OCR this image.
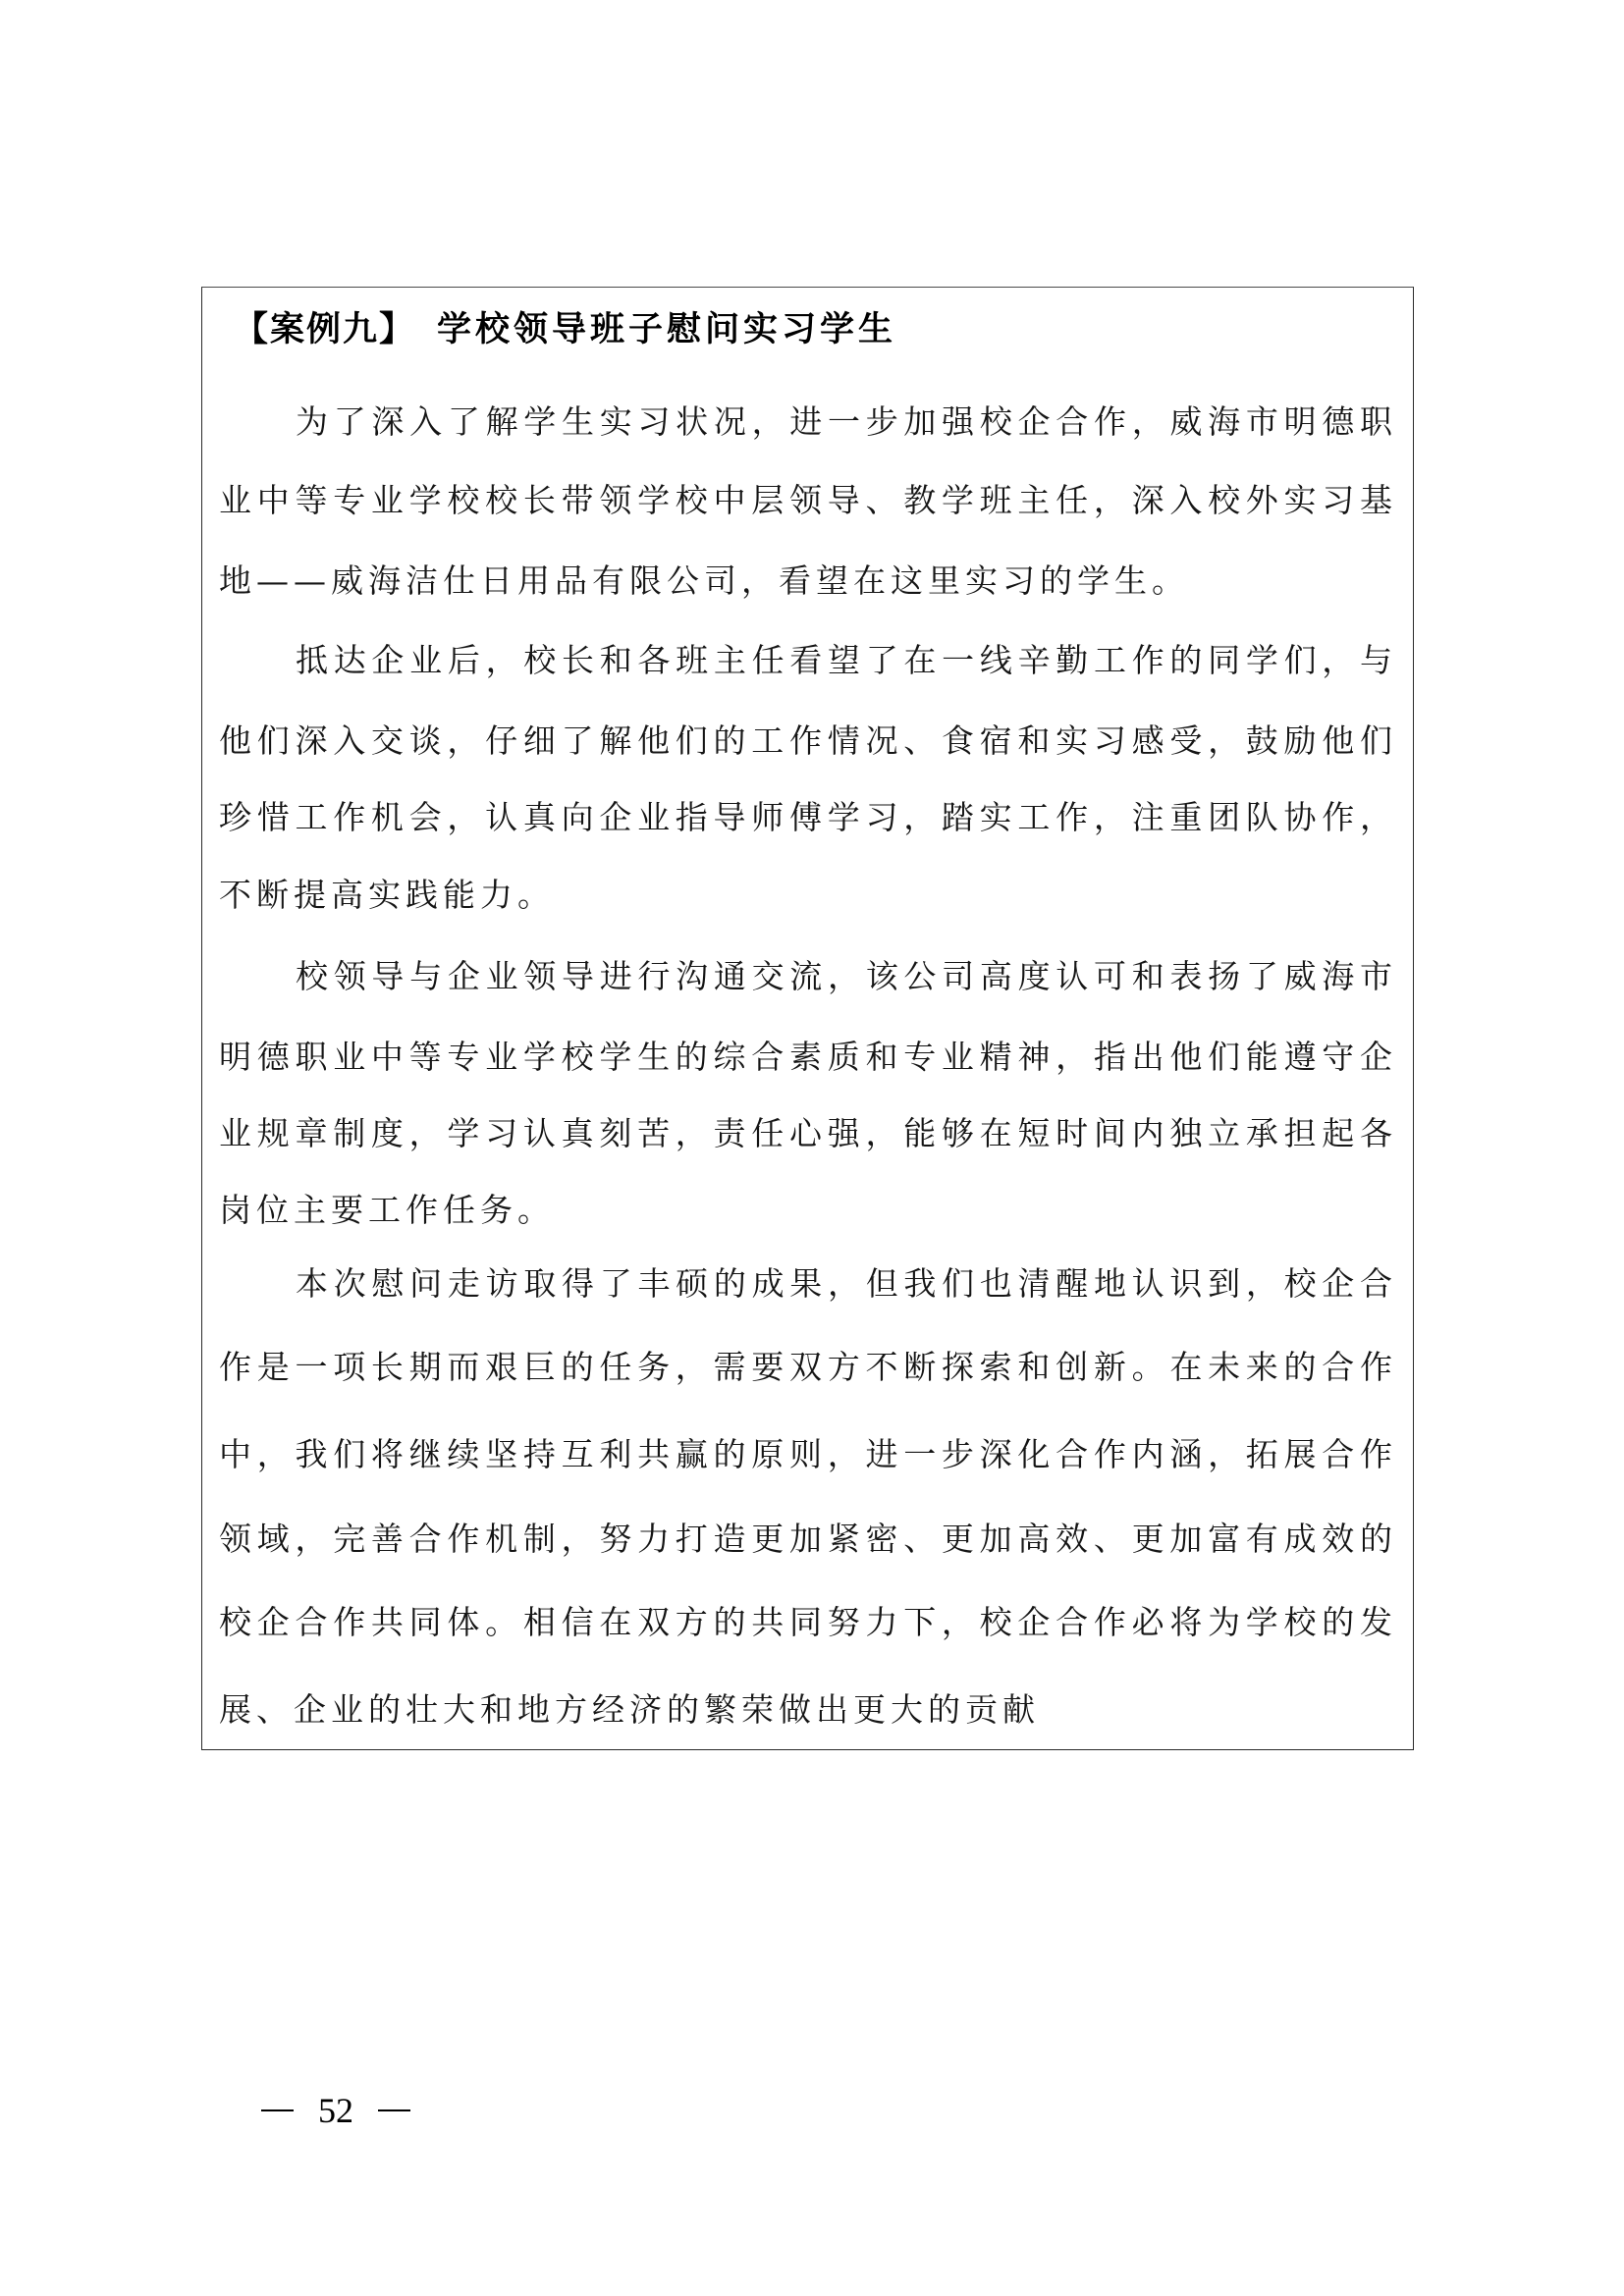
【案例九】 学校领导班子慰问实习学生
为了深入了解学生实习状况，进一步加强校企合作，威海市明德职
业中等专业学校校长带领学校中层领导、教学班主任，深入校外实习基
地——威海洁仕日用品有限公司，看望在这里实习的学生。
抵达企业后，校长和各班主任看望了在一线辛勤工作的同学们，与
他们深入交谈，仔细了解他们的工作情况、食宿和实习感受，鼓励他们
珍惜工作机会，认真向企业指导师傅学习，踏实工作，注重团队协作，
不断提高实践能力。
校领导与企业领导进行沟通交流，该公司高度认可和表扬了威海市
明德职业中等专业学校学生的综合素质和专业精神，指出他们能遵守企
业规章制度，学习认真刻苦，责任心强，能够在短时间内独立承担起各
岗位主要工作任务。
本次慰问走访取得了丰硕的成果，但我们也清醒地认识到，校企合
作是一项长期而艰巨的任务，需要双方不断探索和创新。在未来的合作
中，我们将继续坚持互利共赢的原则，进一步深化合作内涵，拓展合作
领域，完善合作机制，努力打造更加紧密、更加高效、更加富有成效的
校企合作共同体。相信在双方的共同努力下，校企合作必将为学校的发
展、企业的壮大和地方经济的繁荣做出更大的贡献
52
